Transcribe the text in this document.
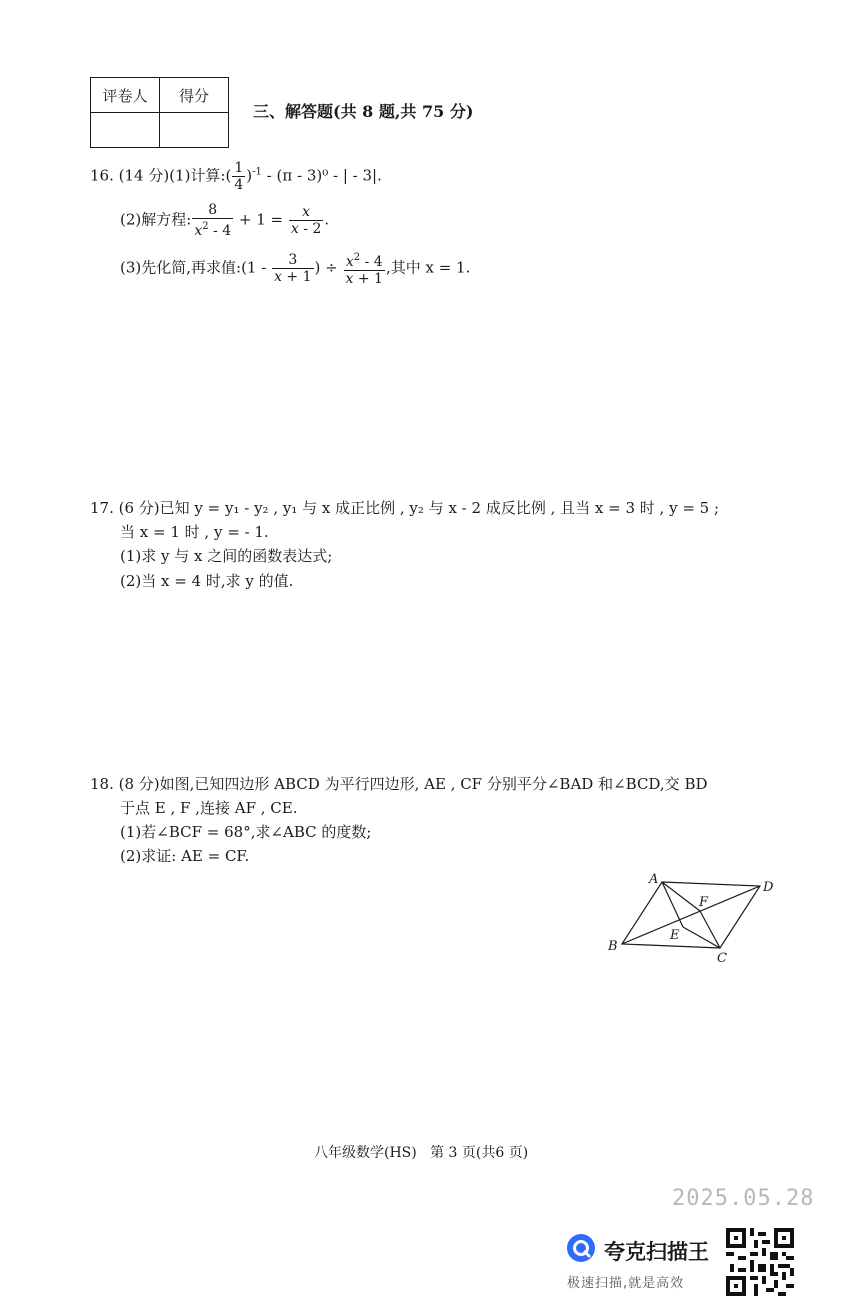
评卷人	得分

三、解答题(共 8 题,共 75 分)
16. (14 分)(1)计算:( $\frac{1}{4} )^{-1} - (\pi - 3)^0$ - | - 3|.
(2)解方程: $\frac{8}{x^2 - 4} + 1 = \frac{x}{x - 2}$ .
(3)先化简,再求值:(1 - $\frac{3}{x + 1}$ ) ÷ $\frac{x^2 - 4}{x + 1}$ ,其中 x = 1.
17. (6 分)已知 y = y₁ - y₂ , y₁ 与 x 成正比例 , y₂ 与 x - 2 成反比例 , 且当 x = 3 时 , y = 5 ;
当 x = 1 时 , y = - 1.
(1)求 y 与 x 之间的函数表达式;
(2)当 x = 4 时,求 y 的值.
18. (8 分)如图,已知四边形 ABCD 为平行四边形, AE , CF 分别平分∠BAD 和∠BCD,交 BD
于点 E , F ,连接 AF , CE.
(1)若∠BCF = 68°,求∠ABC 的度数;
(2)求证: AE = CF.
A
D
B
C
E
F
八年级数学(HS)   第 3 页(共6 页)
2025.05.28
夸克扫描王
极速扫描,就是高效
